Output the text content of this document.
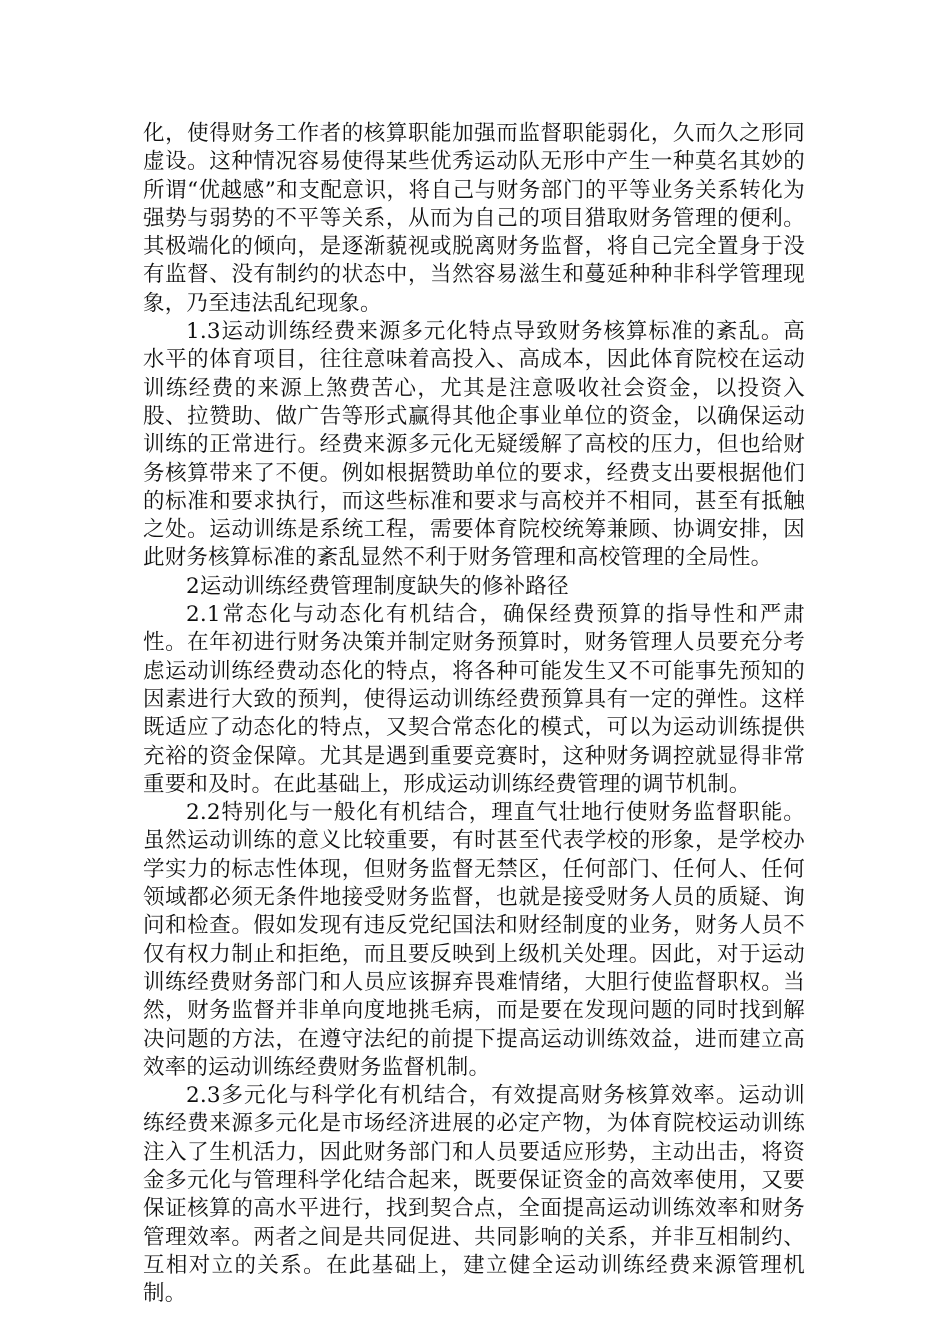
化，使得财务工作者的核算职能加强而监督职能弱化，久而久之形同虚设。这种情况容易使得某些优秀运动队无形中产生一种莫名其妙的所谓“优越感”和支配意识，将自己与财务部门的平等业务关系转化为强势与弱势的不平等关系，从而为自己的项目猎取财务管理的便利。其极端化的倾向，是逐渐藐视或脱离财务监督，将自己完全置身于没有监督、没有制约的状态中，当然容易滋生和蔓延种种非科学管理现象，乃至违法乱纪现象。

1.3运动训练经费来源多元化特点导致财务核算标准的紊乱。高水平的体育项目，往往意味着高投入、高成本，因此体育院校在运动训练经费的来源上煞费苦心，尤其是注意吸收社会资金，以投资入股、拉赞助、做广告等形式赢得其他企事业单位的资金，以确保运动训练的正常进行。经费来源多元化无疑缓解了高校的压力，但也给财务核算带来了不便。例如根据赞助单位的要求，经费支出要根据他们的标准和要求执行，而这些标准和要求与高校并不相同，甚至有抵触之处。运动训练是系统工程，需要体育院校统筹兼顾、协调安排，因此财务核算标准的紊乱显然不利于财务管理和高校管理的全局性。

2运动训练经费管理制度缺失的修补路径

2.1常态化与动态化有机结合，确保经费预算的指导性和严肃性。在年初进行财务决策并制定财务预算时，财务管理人员要充分考虑运动训练经费动态化的特点，将各种可能发生又不可能事先预知的因素进行大致的预判，使得运动训练经费预算具有一定的弹性。这样既适应了动态化的特点，又契合常态化的模式，可以为运动训练提供充裕的资金保障。尤其是遇到重要竞赛时，这种财务调控就显得非常重要和及时。在此基础上，形成运动训练经费管理的调节机制。

2.2特别化与一般化有机结合，理直气壮地行使财务监督职能。虽然运动训练的意义比较重要，有时甚至代表学校的形象，是学校办学实力的标志性体现，但财务监督无禁区，任何部门、任何人、任何领域都必须无条件地接受财务监督，也就是接受财务人员的质疑、询问和检查。假如发现有违反党纪国法和财经制度的业务，财务人员不仅有权力制止和拒绝，而且要反映到上级机关处理。因此，对于运动训练经费财务部门和人员应该摒弃畏难情绪，大胆行使监督职权。当然，财务监督并非单向度地挑毛病，而是要在发现问题的同时找到解决问题的方法，在遵守法纪的前提下提高运动训练效益，进而建立高效率的运动训练经费财务监督机制。

2.3多元化与科学化有机结合，有效提高财务核算效率。运动训练经费来源多元化是市场经济进展的必定产物，为体育院校运动训练注入了生机活力，因此财务部门和人员要适应形势，主动出击，将资金多元化与管理科学化结合起来，既要保证资金的高效率使用，又要保证核算的高水平进行，找到契合点，全面提高运动训练效率和财务管理效率。两者之间是共同促进、共同影响的关系，并非互相制约、互相对立的关系。在此基础上，建立健全运动训练经费来源管理机制。
